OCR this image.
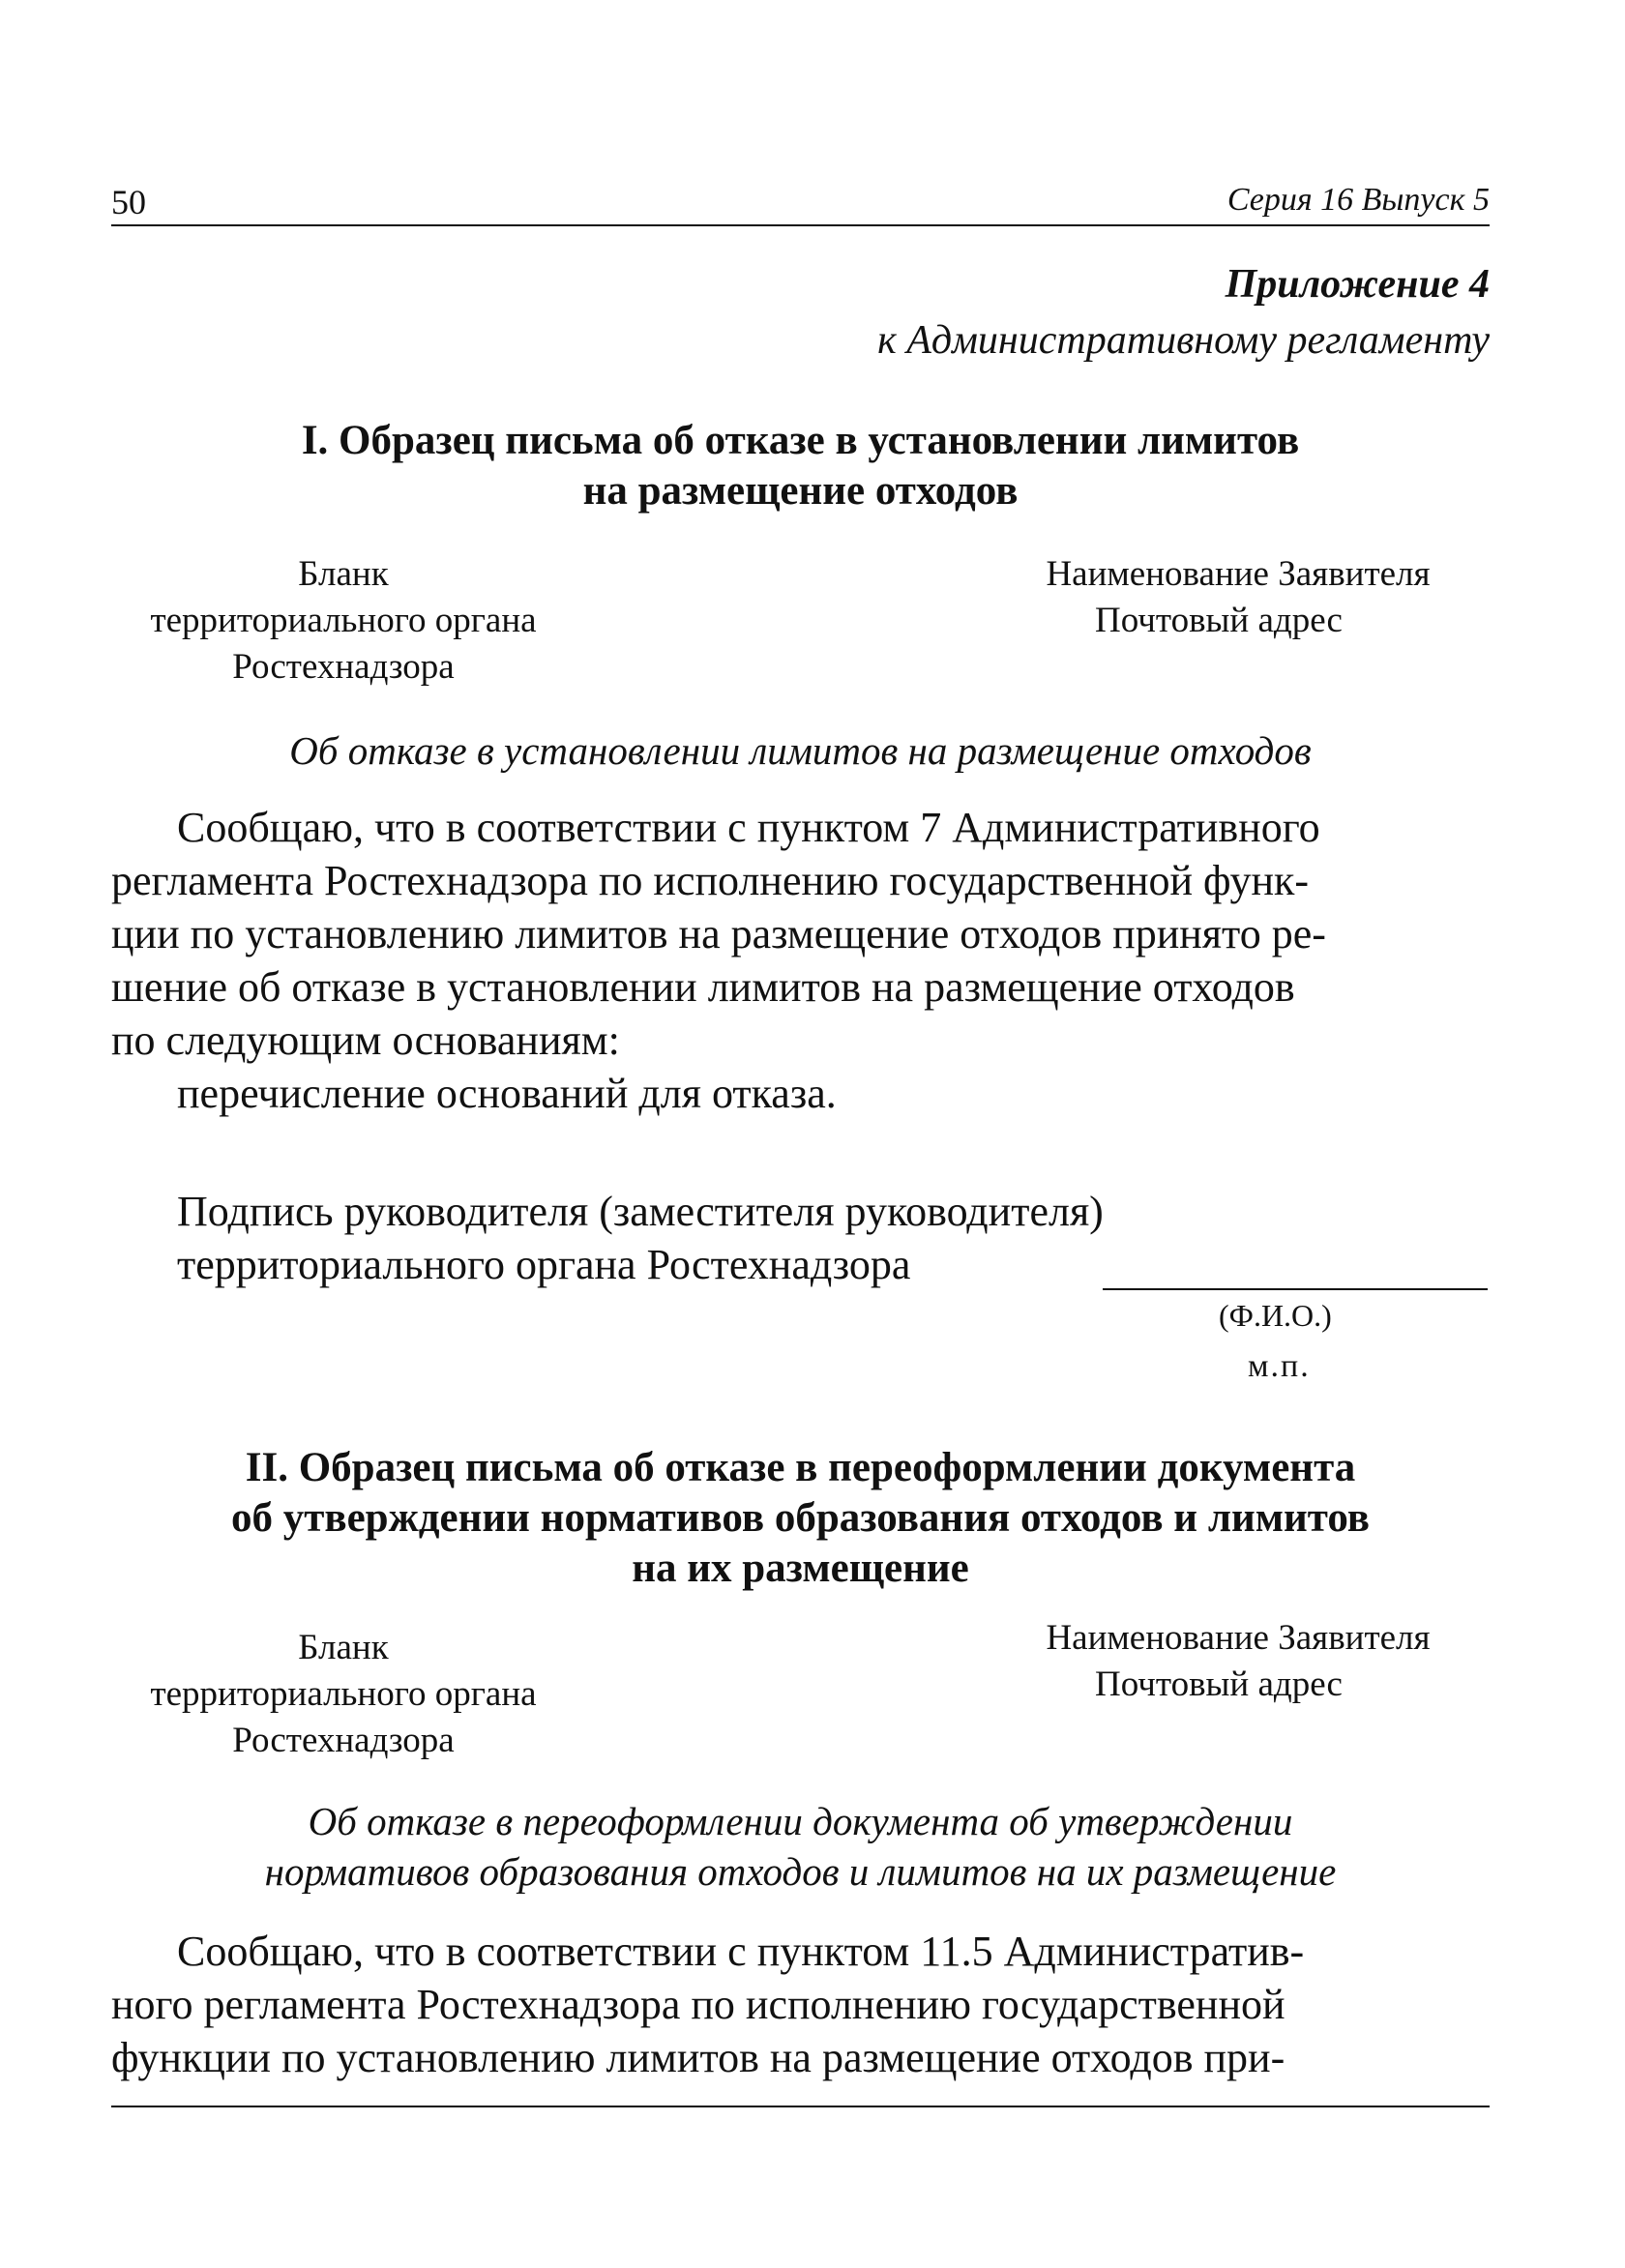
50	Серия 16 Выпуск 5
Приложение 4
к Административному регламенту
I. Образец письма об отказе в установлении лимитов
на размещение отходов
Бланк
территориального органа
Ростехнадзора
Наименование Заявителя
Почтовый адрес
Об отказе в установлении лимитов на размещение отходов
Сообщаю, что в соответствии с пунктом 7 Административного
регламента Ростехнадзора по исполнению государственной функ-
ции по установлению лимитов на размещение отходов принято ре-
шение об отказе в установлении лимитов на размещение отходов
по следующим основаниям:
перечисление оснований для отказа.
Подпись руководителя (заместителя руководителя)
территориального органа Ростехнадзора
(Ф.И.О.)
м.п.
II. Образец письма об отказе в переоформлении документа
об утверждении нормативов образования отходов и лимитов
на их размещение
Бланк
территориального органа
Ростехнадзора
Наименование Заявителя
Почтовый адрес
Об отказе в переоформлении документа об утверждении
нормативов образования отходов и лимитов на их размещение
Сообщаю, что в соответствии с пунктом 11.5 Административ-
ного регламента Ростехнадзора по исполнению государственной
функции по установлению лимитов на размещение отходов при-
